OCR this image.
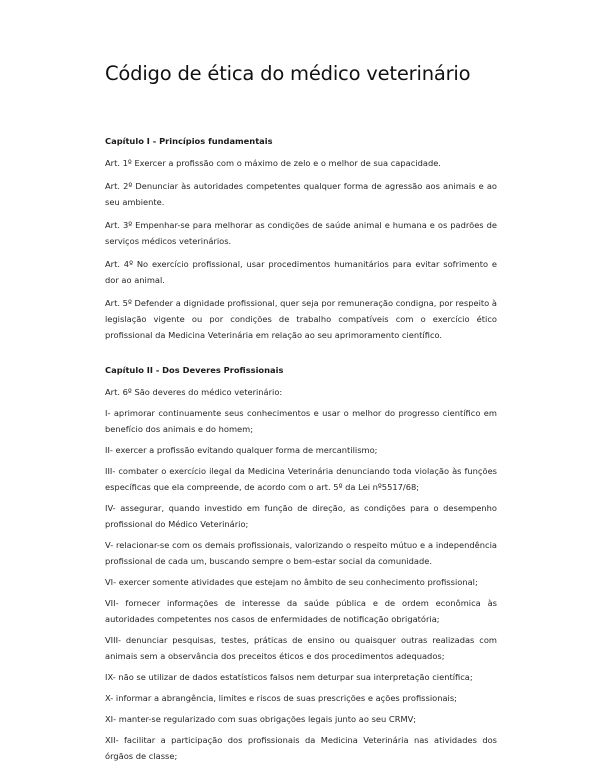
Código de ética do médico veterinário
Capítulo I - Princípios fundamentais

Art. 1º Exercer a profissão com o máximo de zelo e o melhor de sua capacidade.

Art. 2º Denunciar às autoridades competentes qualquer forma de agressão aos animais e ao seu ambiente.

Art. 3º Empenhar-se para melhorar as condições de saúde animal e humana e os padrões de serviços médicos veterinários.

Art. 4º No exercício profissional, usar procedimentos humanitários para evitar sofrimento e dor ao animal.

Art. 5º Defender a dignidade profissional, quer seja por remuneração condigna, por respeito à legislação vigente ou por condições de trabalho compatíveis com o exercício ético profissional da Medicina Veterinária em relação ao seu aprimoramento científico.

Capítulo II - Dos Deveres Profissionais

Art. 6º São deveres do médico veterinário:

I- aprimorar continuamente seus conhecimentos e usar o melhor do progresso científico em benefício dos animais e do homem;

II- exercer a profissão evitando qualquer forma de mercantilismo;

III- combater o exercício ilegal da Medicina Veterinária denunciando toda violação às funções específicas que ela compreende, de acordo com o art. 5º da Lei nº5517/68;

IV- assegurar, quando investido em função de direção, as condições para o desempenho profissional do Médico Veterinário;

V- relacionar-se com os demais profissionais, valorizando o respeito mútuo e a independência profissional de cada um, buscando sempre o bem-estar social da comunidade.

VI- exercer somente atividades que estejam no âmbito de seu conhecimento profissional;

VII- fornecer informações de interesse da saúde pública e de ordem econômica às autoridades competentes nos casos de enfermidades de notificação obrigatória;

VIII- denunciar pesquisas, testes, práticas de ensino ou quaisquer outras realizadas com animais sem a observância dos preceitos éticos e dos procedimentos adequados;

IX- não se utilizar de dados estatísticos falsos nem deturpar sua interpretação científica;

X- informar a abrangência, limites e riscos de suas prescrições e ações profissionais;

XI- manter-se regularizado com suas obrigações legais junto ao seu CRMV;

XII- facilitar a participação dos profissionais da Medicina Veterinária nas atividades dos órgãos de classe;
